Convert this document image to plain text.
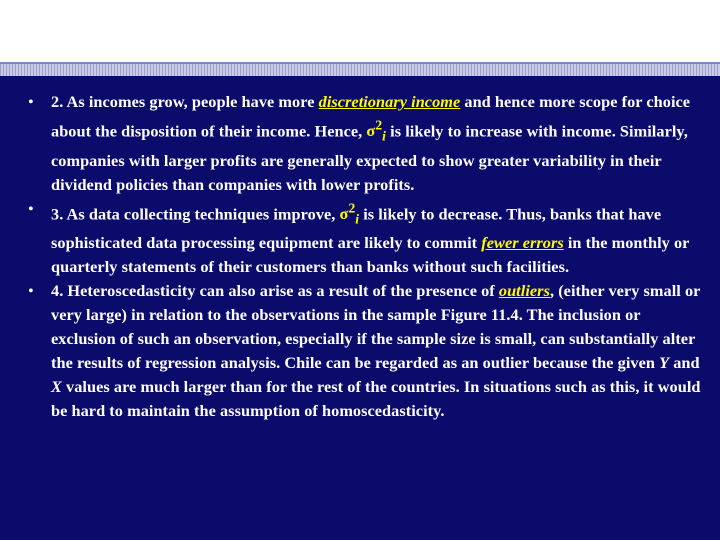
• 2. As incomes grow, people have more discretionary income and hence more scope for choice about the disposition of their income. Hence, $\sigma^2_i$ is likely to increase with income. Similarly, companies with larger profits are generally expected to show greater variability in their dividend policies than companies with lower profits.
• 3. As data collecting techniques improve, $\sigma^2_i$ is likely to decrease. Thus, banks that have sophisticated data processing equipment are likely to commit fewer errors in the monthly or quarterly statements of their customers than banks without such facilities.
• 4. Heteroscedasticity can also arise as a result of the presence of outliers, (either very small or very large) in relation to the observations in the sample Figure 11.4. The inclusion or exclusion of such an observation, especially if the sample size is small, can substantially alter the results of regression analysis. Chile can be regarded as an outlier because the given Y and X values are much larger than for the rest of the countries. In situations such as this, it would be hard to maintain the assumption of homoscedasticity.
